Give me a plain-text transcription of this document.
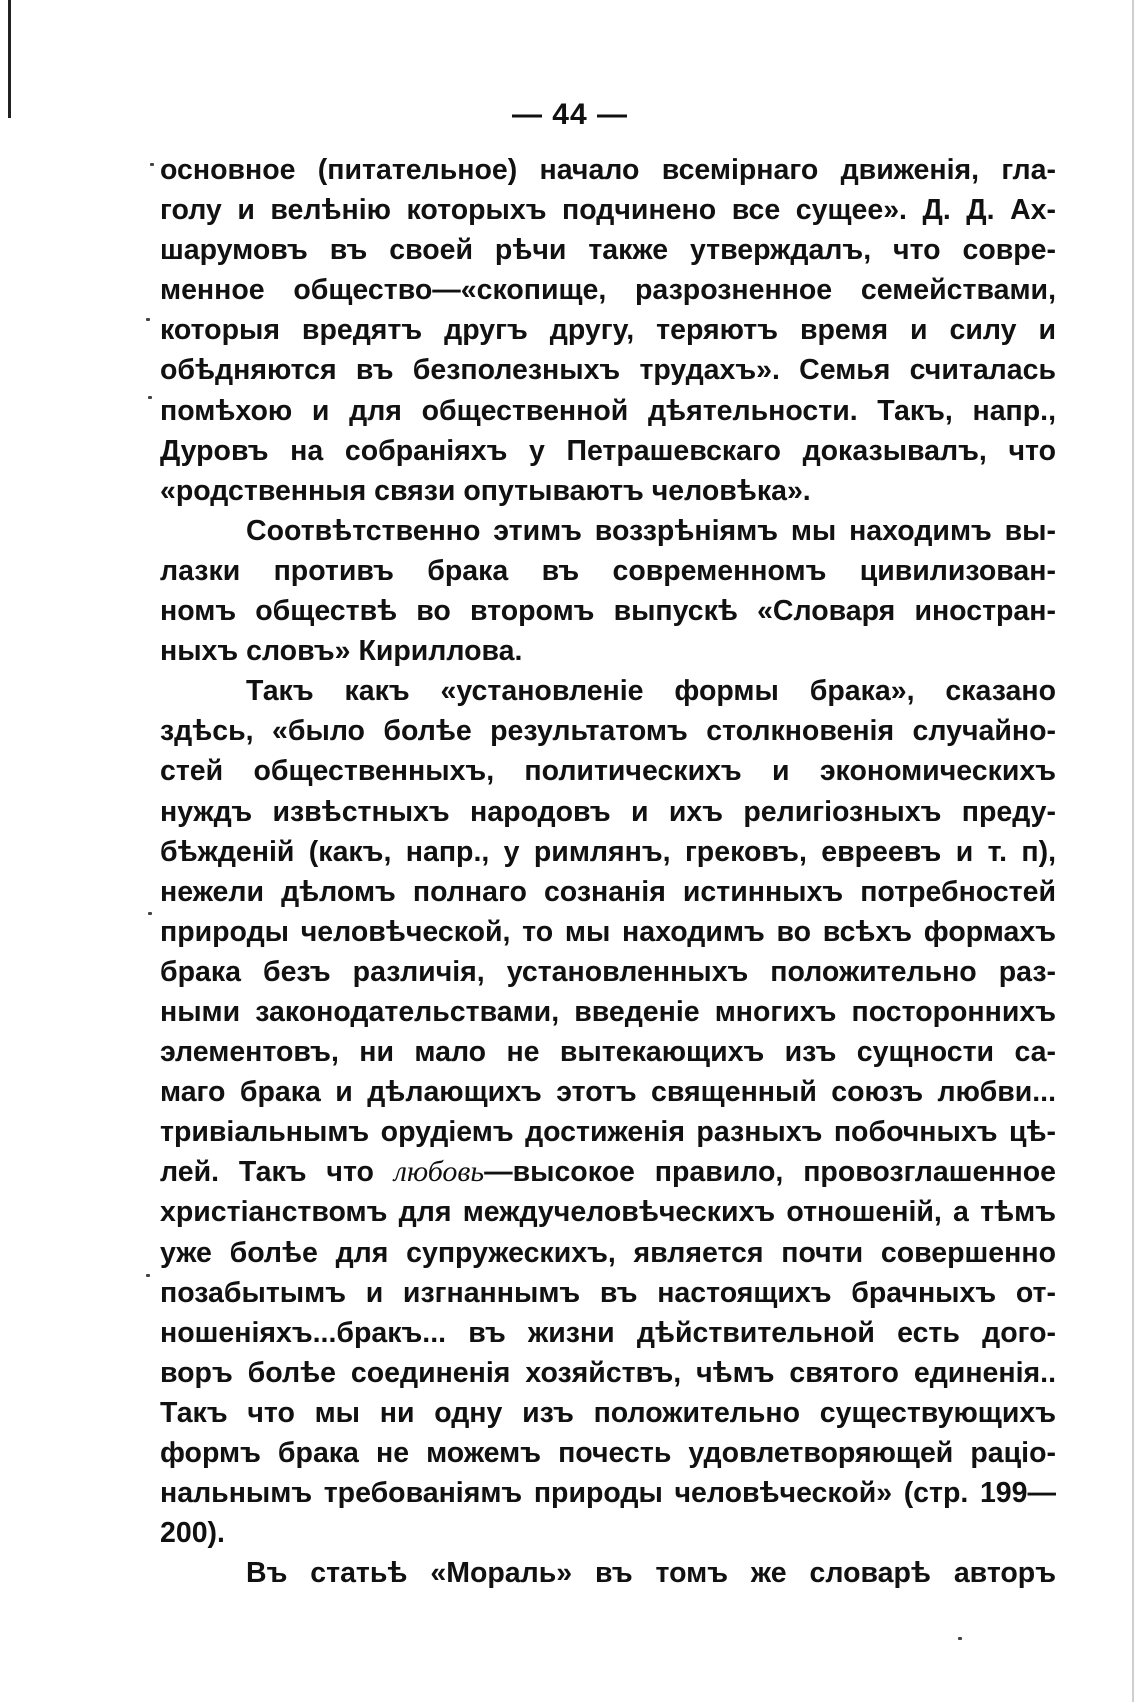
— 44 —
основное (питательное) начало всемірнаго движенія, гла-
голу и велѣнію которыхъ подчинено все сущее». Д. Д. Ах-
шарумовъ въ своей рѣчи также утверждалъ, что совре-
менное общество—«скопище, разрозненное семействами,
которыя вредятъ другъ другу, теряютъ время и силу и
обѣдняются въ безполезныхъ трудахъ». Семья считалась
помѣхою и для общественной дѣятельности. Такъ, напр.,
Дуровъ на собраніяхъ у Петрашевскаго доказывалъ, что
«родственныя связи опутываютъ человѣка».
Соотвѣтственно этимъ воззрѣніямъ мы находимъ вы-
лазки противъ брака въ современномъ цивилизован-
номъ обществѣ во второмъ выпускѣ «Словаря иностран-
ныхъ словъ» Кириллова.
Такъ какъ «установленіе формы брака», сказано
здѣсь, «было болѣе результатомъ столкновенія случайно-
стей общественныхъ, политическихъ и экономическихъ
нуждъ извѣстныхъ народовъ и ихъ религіозныхъ преду-
бѣжденій (какъ, напр., у римлянъ, грековъ, евреевъ и т. п),
нежели дѣломъ полнаго сознанія истинныхъ потребностей
природы человѣческой, то мы находимъ во всѣхъ формахъ
брака безъ различія, установленныхъ положительно раз-
ными законодательствами, введеніе многихъ постороннихъ
элементовъ, ни мало не вытекающихъ изъ сущности са-
маго брака и дѣлающихъ этотъ священный союзъ любви...
тривіальнымъ орудіемъ достиженія разныхъ побочныхъ цѣ-
лей. Такъ что любовь—высокое правило, провозглашенное
христіанствомъ для междучеловѣческихъ отношеній, а тѣмъ
уже болѣе для супружескихъ, является почти совершенно
позабытымъ и изгнаннымъ въ настоящихъ брачныхъ от-
ношеніяхъ...бракъ... въ жизни дѣйствительной есть дого-
воръ болѣе соединенія хозяйствъ, чѣмъ святого единенія..
Такъ что мы ни одну изъ положительно существующихъ
формъ брака не можемъ почесть удовлетворяющей раціо-
нальнымъ требованіямъ природы человѣческой» (стр. 199—
200).
Въ статьѣ «Мораль» въ томъ же словарѣ авторъ
